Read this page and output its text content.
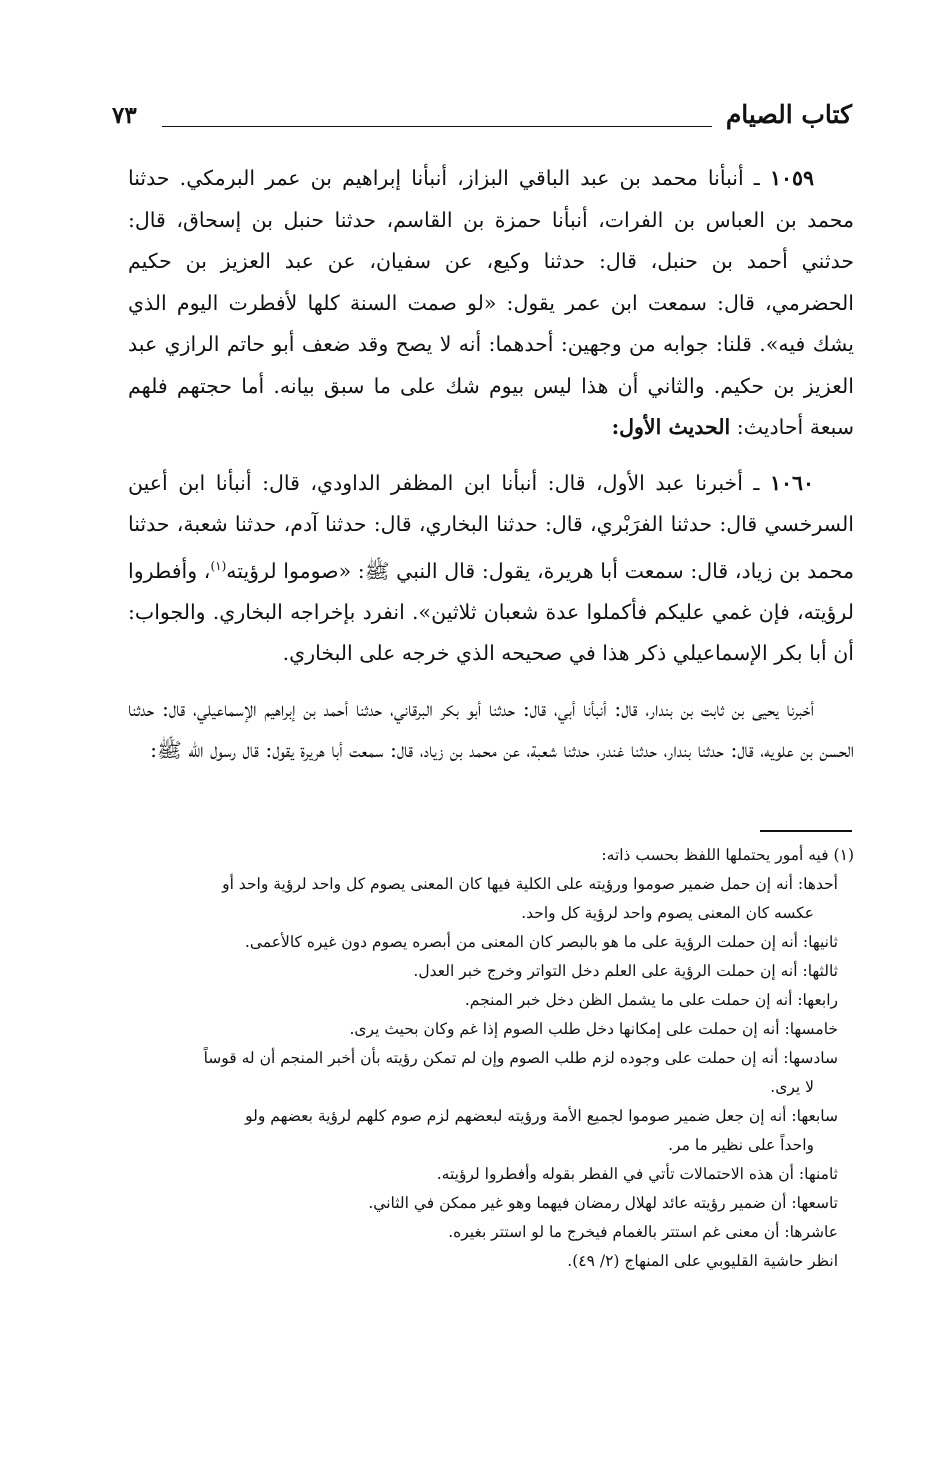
كتاب الصيام
٧٣

١٠٥٩ ـ أنبأنا محمد بن عبد الباقي البزاز، أنبأنا إبراهيم بن عمر البرمكي. حدثنا محمد بن العباس بن الفرات، أنبأنا حمزة بن القاسم، حدثنا حنبل بن إسحاق، قال: حدثني أحمد بن حنبل، قال: حدثنا وكيع، عن سفيان، عن عبد العزيز بن حكيم الحضرمي، قال: سمعت ابن عمر يقول: «لو صمت السنة كلها لأفطرت اليوم الذي يشك فيه». قلنا: جوابه من وجهين: أحدهما: أنه لا يصح وقد ضعف أبو حاتم الرازي عبد العزيز بن حكيم. والثاني أن هذا ليس بيوم شك على ما سبق بيانه. أما حجتهم فلهم سبعة أحاديث: الحديث الأول:

١٠٦٠ ـ أخبرنا عبد الأول، قال: أنبأنا ابن المظفر الداودي، قال: أنبأنا ابن أعين السرخسي قال: حدثنا الفرَبْري، قال: حدثنا البخاري، قال: حدثنا آدم، حدثنا شعبة، حدثنا محمد بن زياد، قال: سمعت أبا هريرة، يقول: قال النبي ﷺ: «صوموا لرؤيته$^{(١)}$، وأفطروا لرؤيته، فإن غمي عليكم فأكملوا عدة شعبان ثلاثين». انفرد بإخراجه البخاري. والجواب: أن أبا بكر الإسماعيلي ذكر هذا في صحيحه الذي خرجه على البخاري.

أخبرنا يحيى بن ثابت بن بندار، قال: أنبأنا أبي، قال: حدثنا أبو بكر البرقاني، حدثنا أحمد بن إبراهيم الإسماعيلي، قال: حدثنا الحسن بن علويه، قال: حدثنا بندار، حدثنا غندر، حدثنا شعبة، عن محمد بن زياد، قال: سمعت أبا هريرة يقول: قال رسول الله ﷺ:

(١) فيه أمور يحتملها اللفظ بحسب ذاته:
أحدها: أنه إن حمل ضمير صوموا ورؤيته على الكلية فيها كان المعنى يصوم كل واحد لرؤية واحد أو
عكسه كان المعنى يصوم واحد لرؤية كل واحد.
ثانيها: أنه إن حملت الرؤية على ما هو بالبصر كان المعنى من أبصره يصوم دون غيره كالأعمى.
ثالثها: أنه إن حملت الرؤية على العلم دخل التواتر وخرج خبر العدل.
رابعها: أنه إن حملت على ما يشمل الظن دخل خبر المنجم.
خامسها: أنه إن حملت على إمكانها دخل طلب الصوم إذا غم وكان بحيث يرى.
سادسها: أنه إن حملت على وجوده لزم طلب الصوم وإن لم تمكن رؤيته بأن أخبر المنجم أن له قوساً
لا يرى.
سابعها: أنه إن جعل ضمير صوموا لجميع الأمة ورؤيته لبعضهم لزم صوم كلهم لرؤية بعضهم ولو
واحداً على نظير ما مر.
ثامنها: أن هذه الاحتمالات تأتي في الفطر بقوله وأفطروا لرؤيته.
تاسعها: أن ضمير رؤيته عائد لهلال رمضان فيهما وهو غير ممكن في الثاني.
عاشرها: أن معنى غم استتر بالغمام فيخرج ما لو استتر بغيره.
انظر حاشية القليوبي على المنهاج (٢/ ٤٩).
